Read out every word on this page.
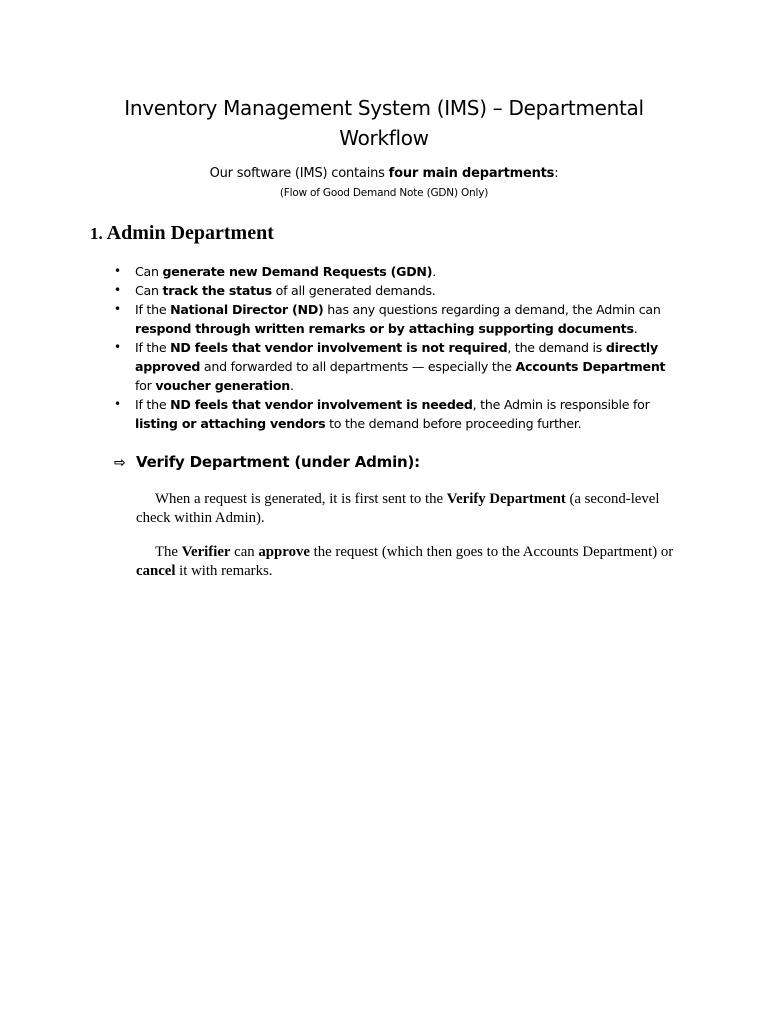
Inventory Management System (IMS) – Departmental Workflow
Our software (IMS) contains four main departments:
(Flow of Good Demand Note (GDN) Only)
1. Admin Department
• Can generate new Demand Requests (GDN).
• Can track the status of all generated demands.
• If the National Director (ND) has any questions regarding a demand, the Admin can respond through written remarks or by attaching supporting documents.
• If the ND feels that vendor involvement is not required, the demand is directly approved and forwarded to all departments — especially the Accounts Department for voucher generation.
• If the ND feels that vendor involvement is needed, the Admin is responsible for listing or attaching vendors to the demand before proceeding further.
⇨ Verify Department (under Admin):

When a request is generated, it is first sent to the Verify Department (a second-level check within Admin).

The Verifier can approve the request (which then goes to the Accounts Department) or cancel it with remarks.
